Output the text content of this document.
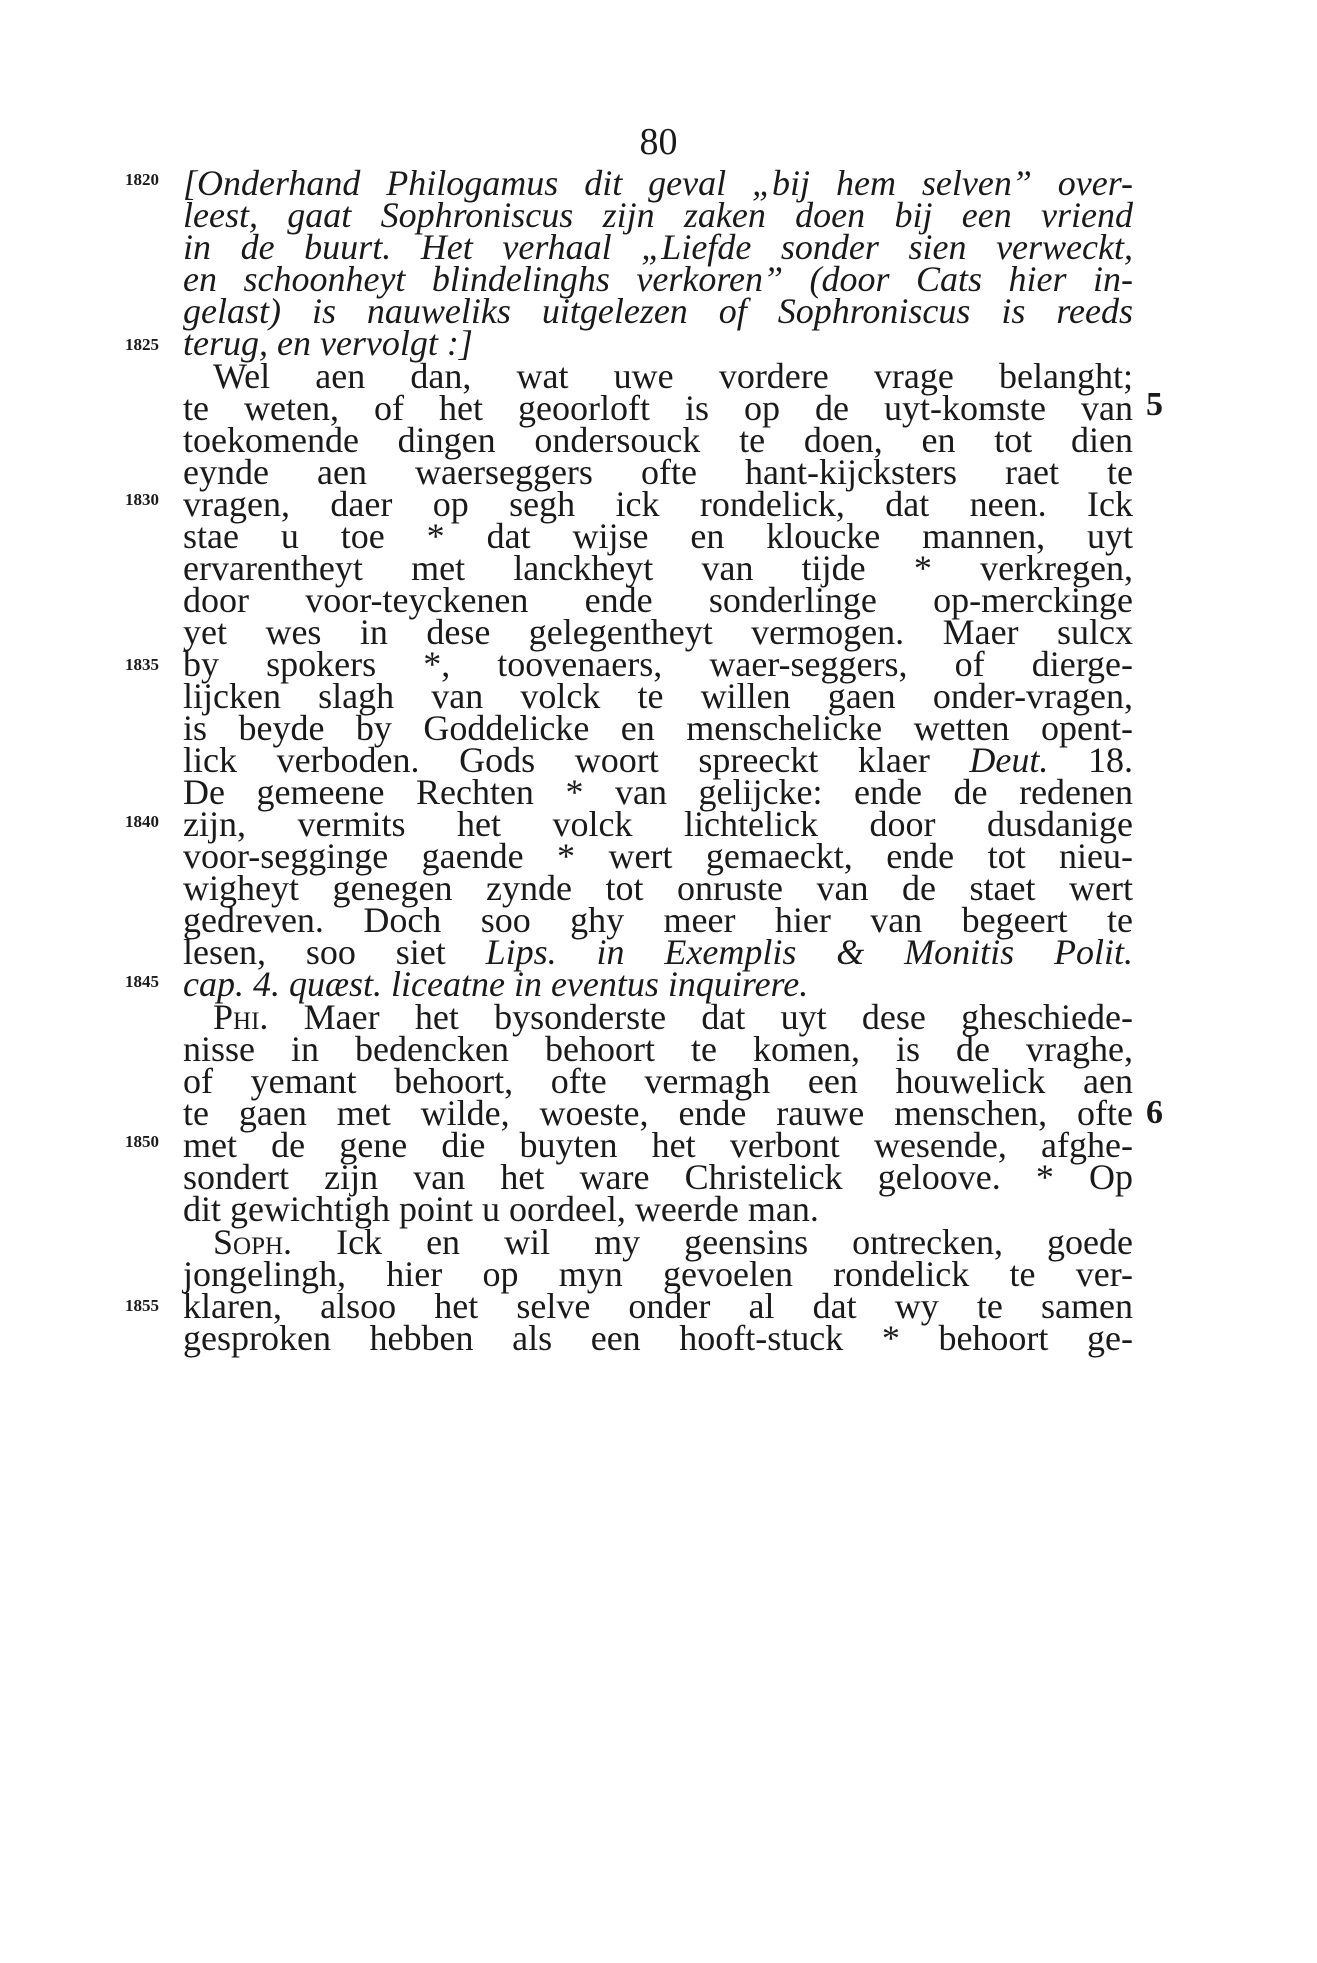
80
1820
1825
1830
1835
1840
1845
1850
1855
5
6
[Onderhand Philogamus dit geval „bij hem selven” over-
leest, gaat Sophroniscus zijn zaken doen bij een vriend
in de buurt. Het verhaal „Liefde sonder sien verweckt,
en schoonheyt blindelinghs verkoren” (door Cats hier in-
gelast) is nauweliks uitgelezen of Sophroniscus is reeds
terug, en vervolgt :]
Wel aen dan, wat uwe vordere vrage belanght;
te weten, of het geoorloft is op de uyt-komste van
toekomende dingen ondersouck te doen, en tot dien
eynde aen waerseggers ofte hant-kijcksters raet te
vragen, daer op segh ick rondelick, dat neen. Ick
stae u toe * dat wijse en kloucke mannen, uyt
ervarentheyt met lanckheyt van tijde * verkregen,
door voor-teyckenen ende sonderlinge op-merckinge
yet wes in dese gelegentheyt vermogen. Maer sulcx
by spokers *, toovenaers, waer-seggers, of dierge-
lijcken slagh van volck te willen gaen onder-vragen,
is beyde by Goddelicke en menschelicke wetten opent-
lick verboden. Gods woort spreeckt klaer Deut. 18.
De gemeene Rechten * van gelijcke: ende de redenen
zijn, vermits het volck lichtelick door dusdanige
voor-segginge gaende * wert gemaeckt, ende tot nieu-
wigheyt genegen zynde tot onruste van de staet wert
gedreven. Doch soo ghy meer hier van begeert te
lesen, soo siet Lips. in Exemplis & Monitis Polit.
cap. 4. quæst. liceatne in eventus inquirere.
Phi. Maer het bysonderste dat uyt dese gheschiede-
nisse in bedencken behoort te komen, is de vraghe,
of yemant behoort, ofte vermagh een houwelick aen
te gaen met wilde, woeste, ende rauwe menschen, ofte
met de gene die buyten het verbont wesende, afghe-
sondert zijn van het ware Christelick geloove. * Op
dit gewichtigh point u oordeel, weerde man.
Soph. Ick en wil my geensins ontrecken, goede
jongelingh, hier op myn gevoelen rondelick te ver-
klaren, alsoo het selve onder al dat wy te samen
gesproken hebben als een hooft-stuck * behoort ge-
